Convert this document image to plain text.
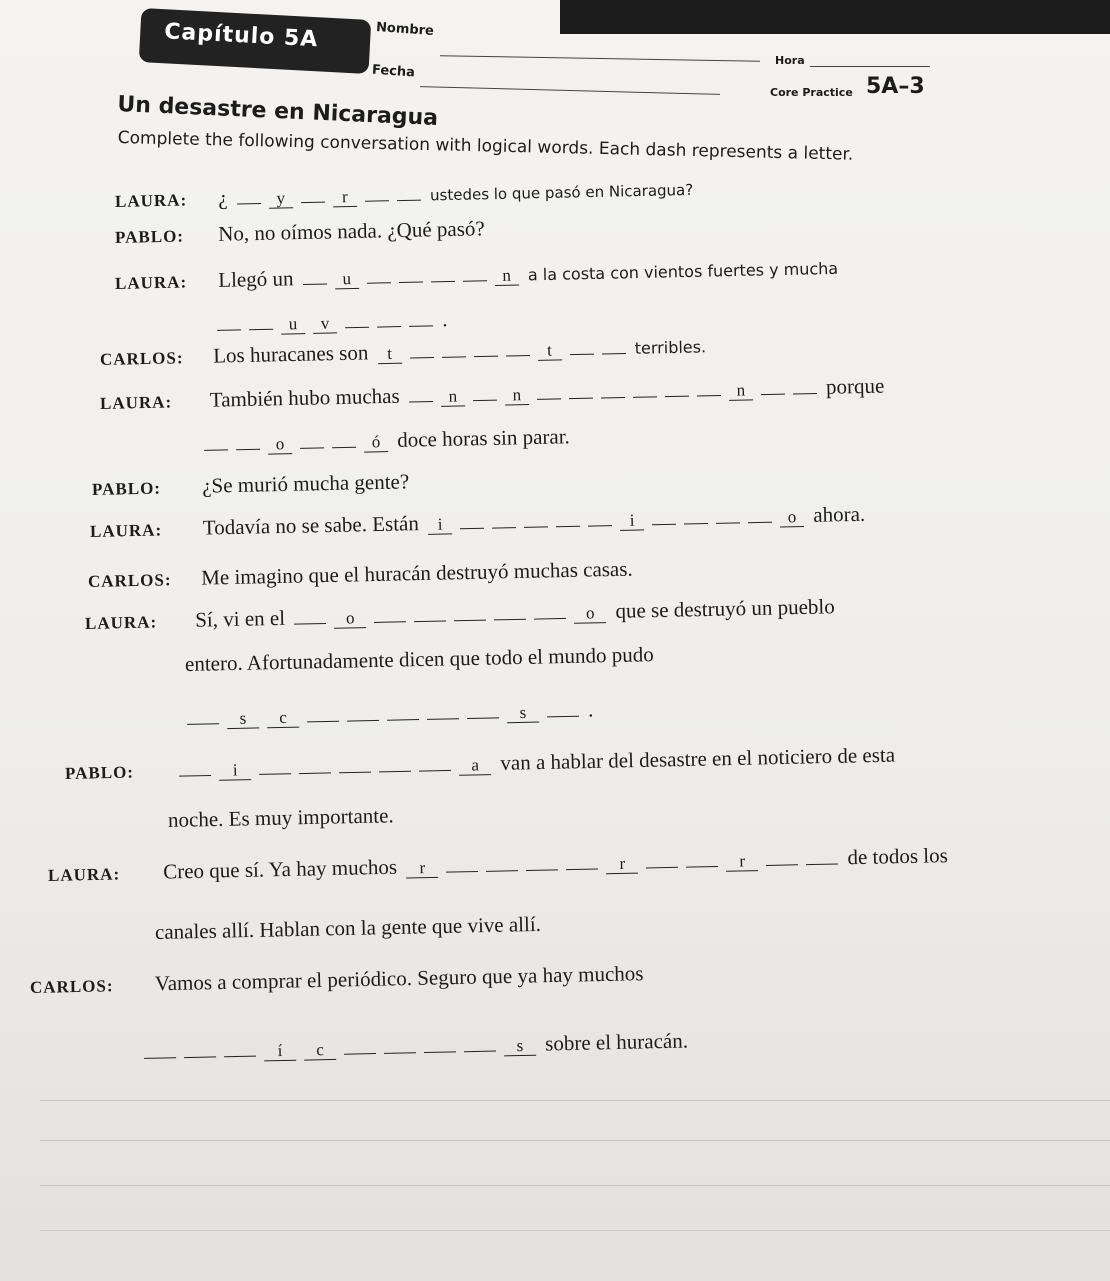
Capítulo 5A	Nombre
Hora
Fecha
Core Practice 5A–3
Un desastre en Nicaragua
Complete the following conversation with logical words. Each dash represents a letter.
LAURA: ¿	y	r	ustedes lo que pasó en Nicaragua?
PABLO: No, no oímos nada. ¿Qué pasó?
LAURA: Llegó un	u	n a la costa con vientos fuertes y mucha
u v	.
CARLOS: Los huracanes son t	t	terribles.
LAURA: También hubo muchas	n	n	n	porque
o	ó doce horas sin parar.
PABLO: ¿Se murió mucha gente?
LAURA: Todavía no se sabe. Están i	i	o ahora.
CARLOS: Me imagino que el huracán destruyó muchas casas.
LAURA: Sí, vi en el	o	o que se destruyó un pueblo
entero. Afortunadamente dicen que todo el mundo pudo
s c	s	.
PABLO:	i	a van a hablar del desastre en el noticiero de esta
noche. Es muy importante.
LAURA: Creo que sí. Ya hay muchos r	r	r	de todos los
canales allí. Hablan con la gente que vive allí.
CARLOS: Vamos a comprar el periódico. Seguro que ya hay muchos
í c	s sobre el huracán.
